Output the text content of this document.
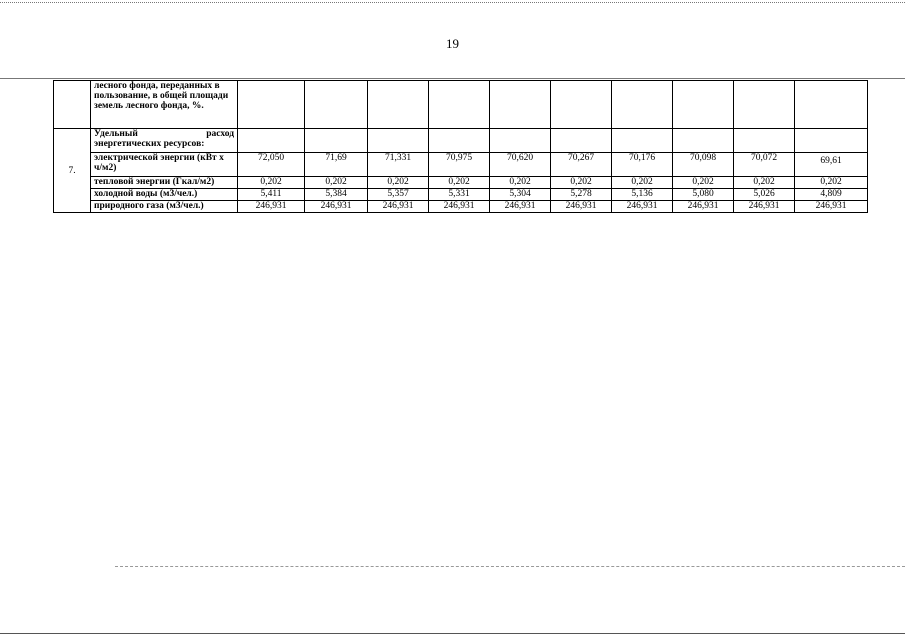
19
	лесного фонда, переданных в пользование, в общей площади земель лесного фонда, %.										
7.	Удельный расход
энергетических ресурсов:										
	электрической энергии (кВт х ч/м2)	72,050	71,69	71,331	70,975	70,620	70,267	70,176	70,098	70,072	69,61
	тепловой энергии (Гкал/м2)	0,202	0,202	0,202	0,202	0,202	0,202	0,202	0,202	0,202	0,202
	холодной воды (м3/чел.)	5,411	5,384	5,357	5,331	5,304	5,278	5,136	5,080	5,026	4,809
	природного газа (м3/чел.)	246,931	246,931	246,931	246,931	246,931	246,931	246,931	246,931	246,931	246,931
